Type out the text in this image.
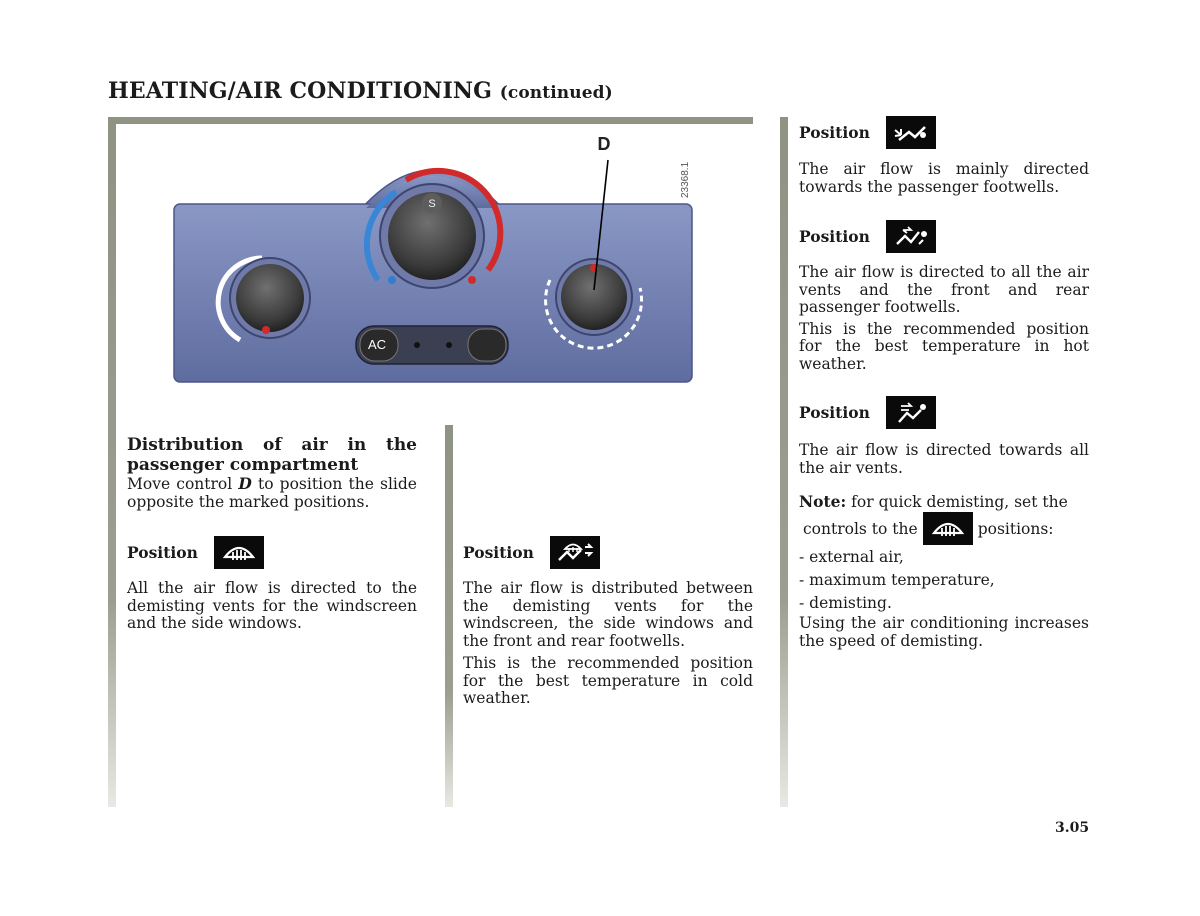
HEATING/AIR CONDITIONING (continued)
S
AC
D
23368.1
Distribution of air in the passenger compartment

Move control D to position the slide opposite the marked positions.

Position

All the air flow is directed to the demisting vents for the windscreen and the side windows.

Position

The air flow is distributed between the demisting vents for the windscreen, the side windows and the front and rear footwells.

This is the recommended position for the best temperature in cold weather.

Position

The air flow is mainly directed towards the passenger footwells.

Position

The air flow is directed to all the air vents and the front and rear passenger footwells.

This is the recommended position for the best temperature in hot weather.

Position

The air flow is directed towards all the air vents.

Note: for quick demisting, set the

controls to the	positions:
- external air,
- maximum temperature,
- demisting.

Using the air conditioning increases the speed of demisting.

3.05
